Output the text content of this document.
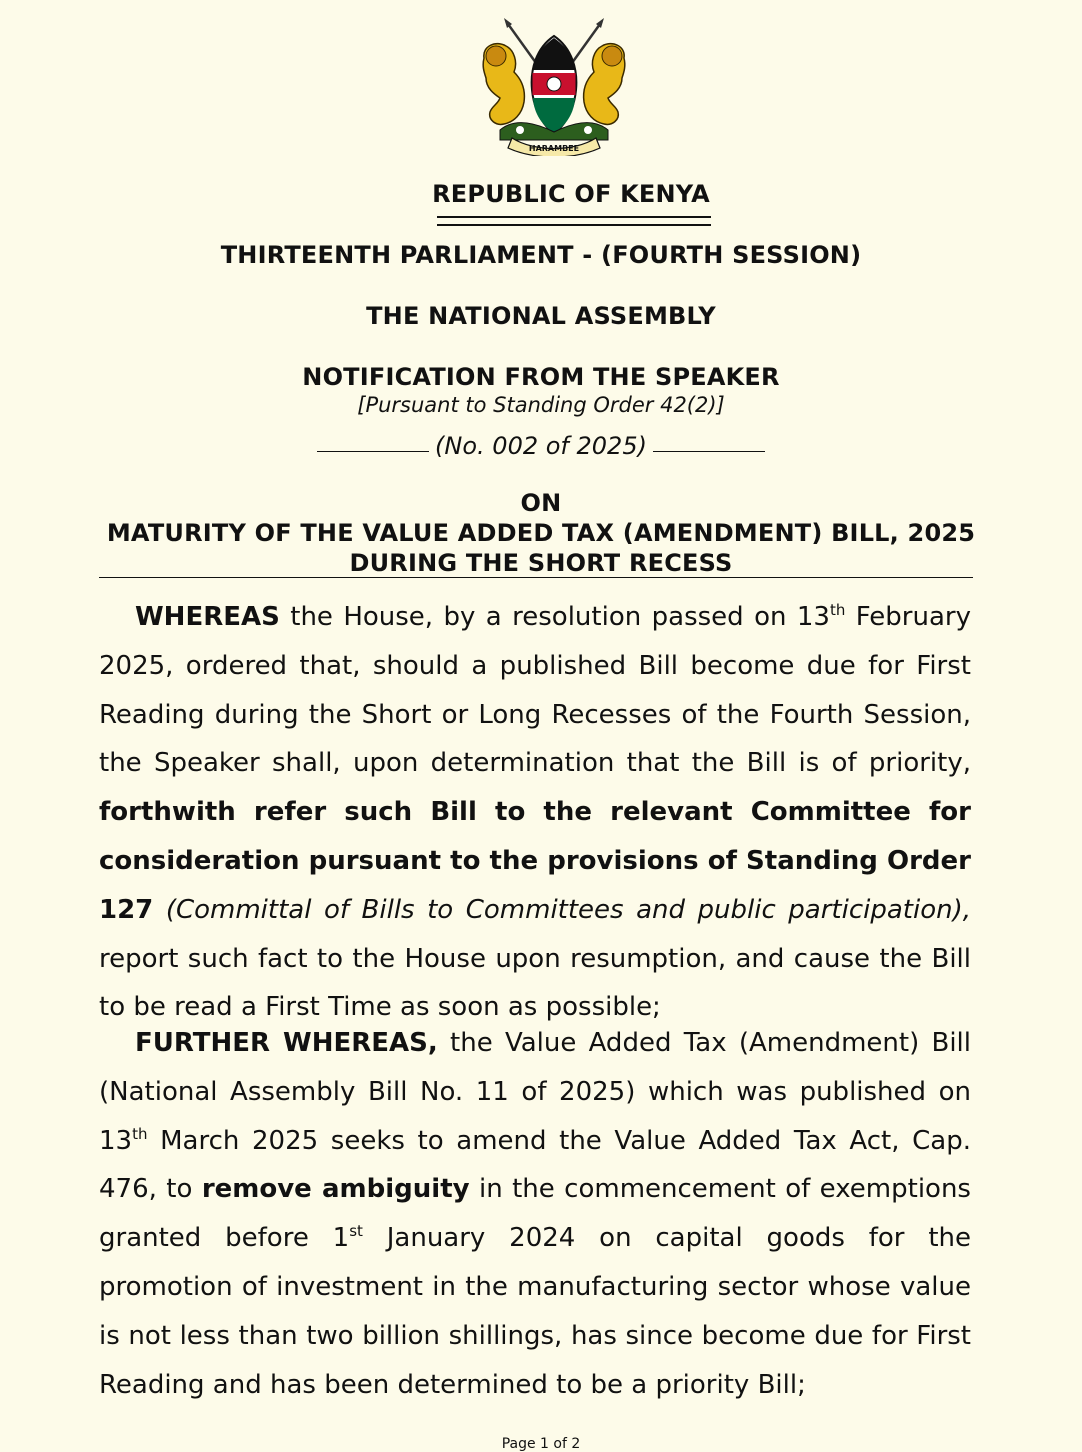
HARAMBEE
REPUBLIC OF KENYA
THIRTEENTH PARLIAMENT - (FOURTH SESSION)
THE NATIONAL ASSEMBLY
NOTIFICATION FROM THE SPEAKER
[Pursuant to Standing Order 42(2)]
(No. 002 of 2025)
ON
MATURITY OF THE VALUE ADDED TAX (AMENDMENT) BILL, 2025
DURING THE SHORT RECESS

WHEREAS the House, by a resolution passed on 13th February 2025, ordered that, should a published Bill become due for First Reading during the Short or Long Recesses of the Fourth Session, the Speaker shall, upon determination that the Bill is of priority, forthwith refer such Bill to the relevant Committee for consideration pursuant to the provisions of Standing Order 127 (Committal of Bills to Committees and public participation), report such fact to the House upon resumption, and cause the Bill to be read a First Time as soon as possible;

FURTHER WHEREAS, the Value Added Tax (Amendment) Bill (National Assembly Bill No. 11 of 2025) which was published on 13th March 2025 seeks to amend the Value Added Tax Act, Cap. 476, to remove ambiguity in the commencement of exemptions granted before 1st January 2024 on capital goods for the promotion of investment in the manufacturing sector whose value is not less than two billion shillings, has since become due for First Reading and has been determined to be a priority Bill;

Page 1 of 2
